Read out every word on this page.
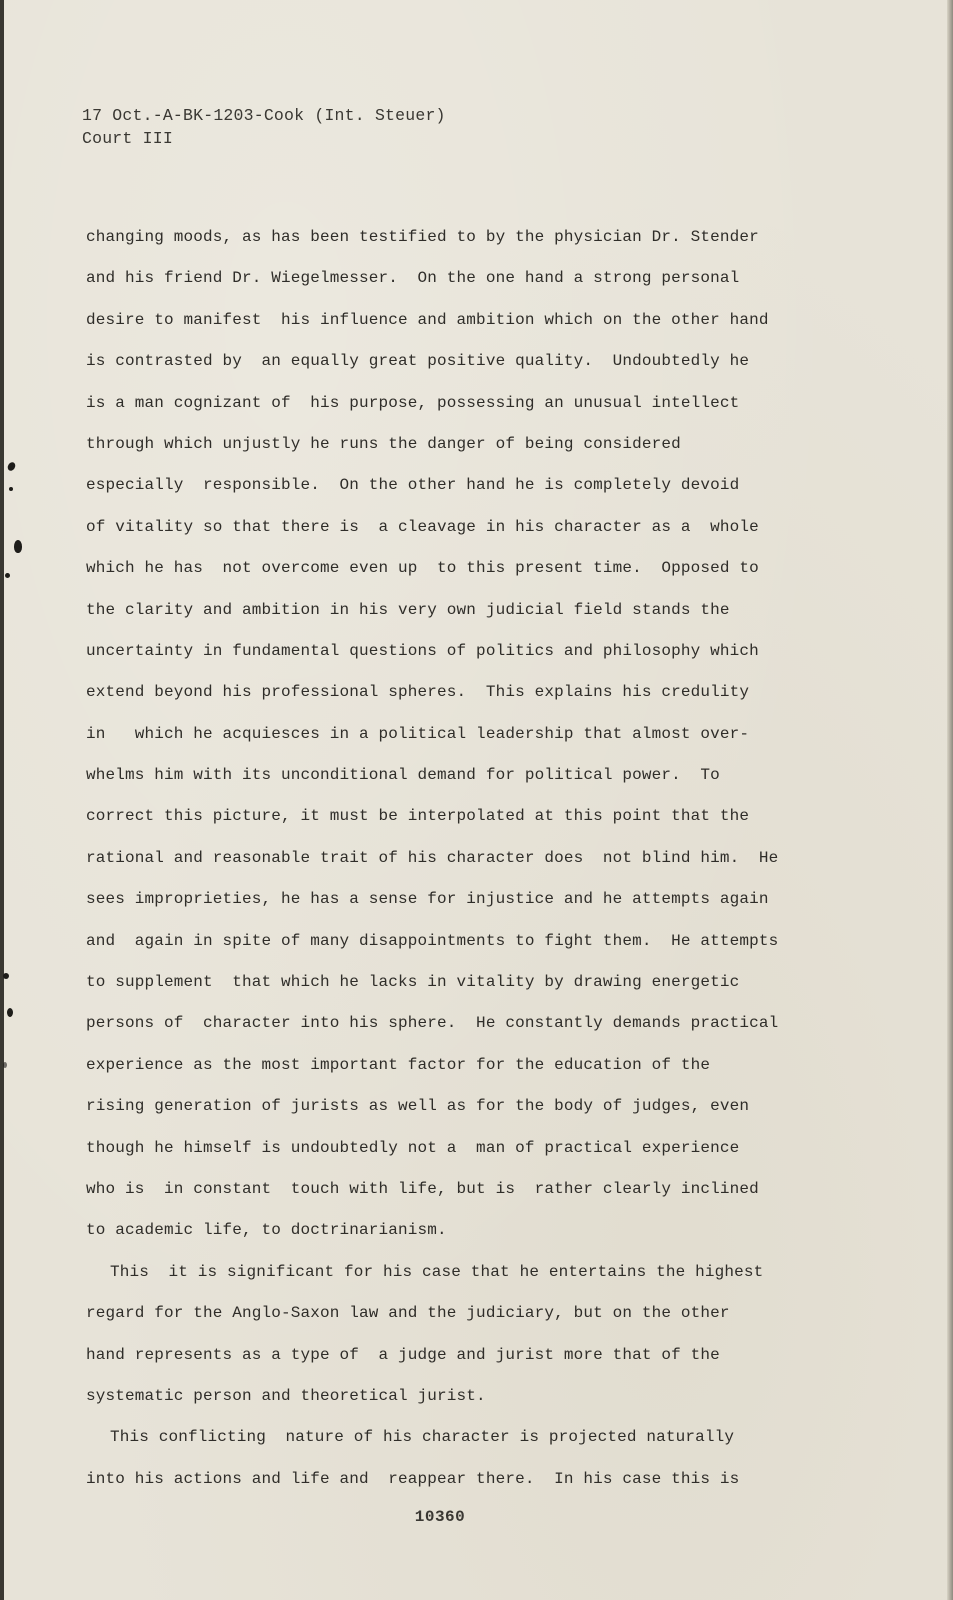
17 Oct.-A-BK-1203-Cook (Int. Steuer)
Court III
changing moods, as has been testified to by the physician Dr. Stender
and his friend Dr. Wiegelmesser.  On the one hand a strong personal
desire to manifest  his influence and ambition which on the other hand
is contrasted by  an equally great positive quality.  Undoubtedly he
is a man cognizant of  his purpose, possessing an unusual intellect
through which unjustly he runs the danger of being considered
especially  responsible.  On the other hand he is completely devoid
of vitality so that there is  a cleavage in his character as a  whole
which he has  not overcome even up  to this present time.  Opposed to
the clarity and ambition in his very own judicial field stands the
uncertainty in fundamental questions of politics and philosophy which
extend beyond his professional spheres.  This explains his credulity
in   which he acquiesces in a political leadership that almost over-
whelms him with its unconditional demand for political power.  To
correct this picture, it must be interpolated at this point that the
rational and reasonable trait of his character does  not blind him.  He
sees improprieties, he has a sense for injustice and he attempts again
and  again in spite of many disappointments to fight them.  He attempts
to supplement  that which he lacks in vitality by drawing energetic
persons of  character into his sphere.  He constantly demands practical
experience as the most important factor for the education of the
rising generation of jurists as well as for the body of judges, even
though he himself is undoubtedly not a  man of practical experience
who is  in constant  touch with life, but is  rather clearly inclined
to academic life, to doctrinarianism.
This  it is significant for his case that he entertains the highest
regard for the Anglo-Saxon law and the judiciary, but on the other
hand represents as a type of  a judge and jurist more that of the
systematic person and theoretical jurist.
This conflicting  nature of his character is projected naturally
into his actions and life and  reappear there.  In his case this is
10360
